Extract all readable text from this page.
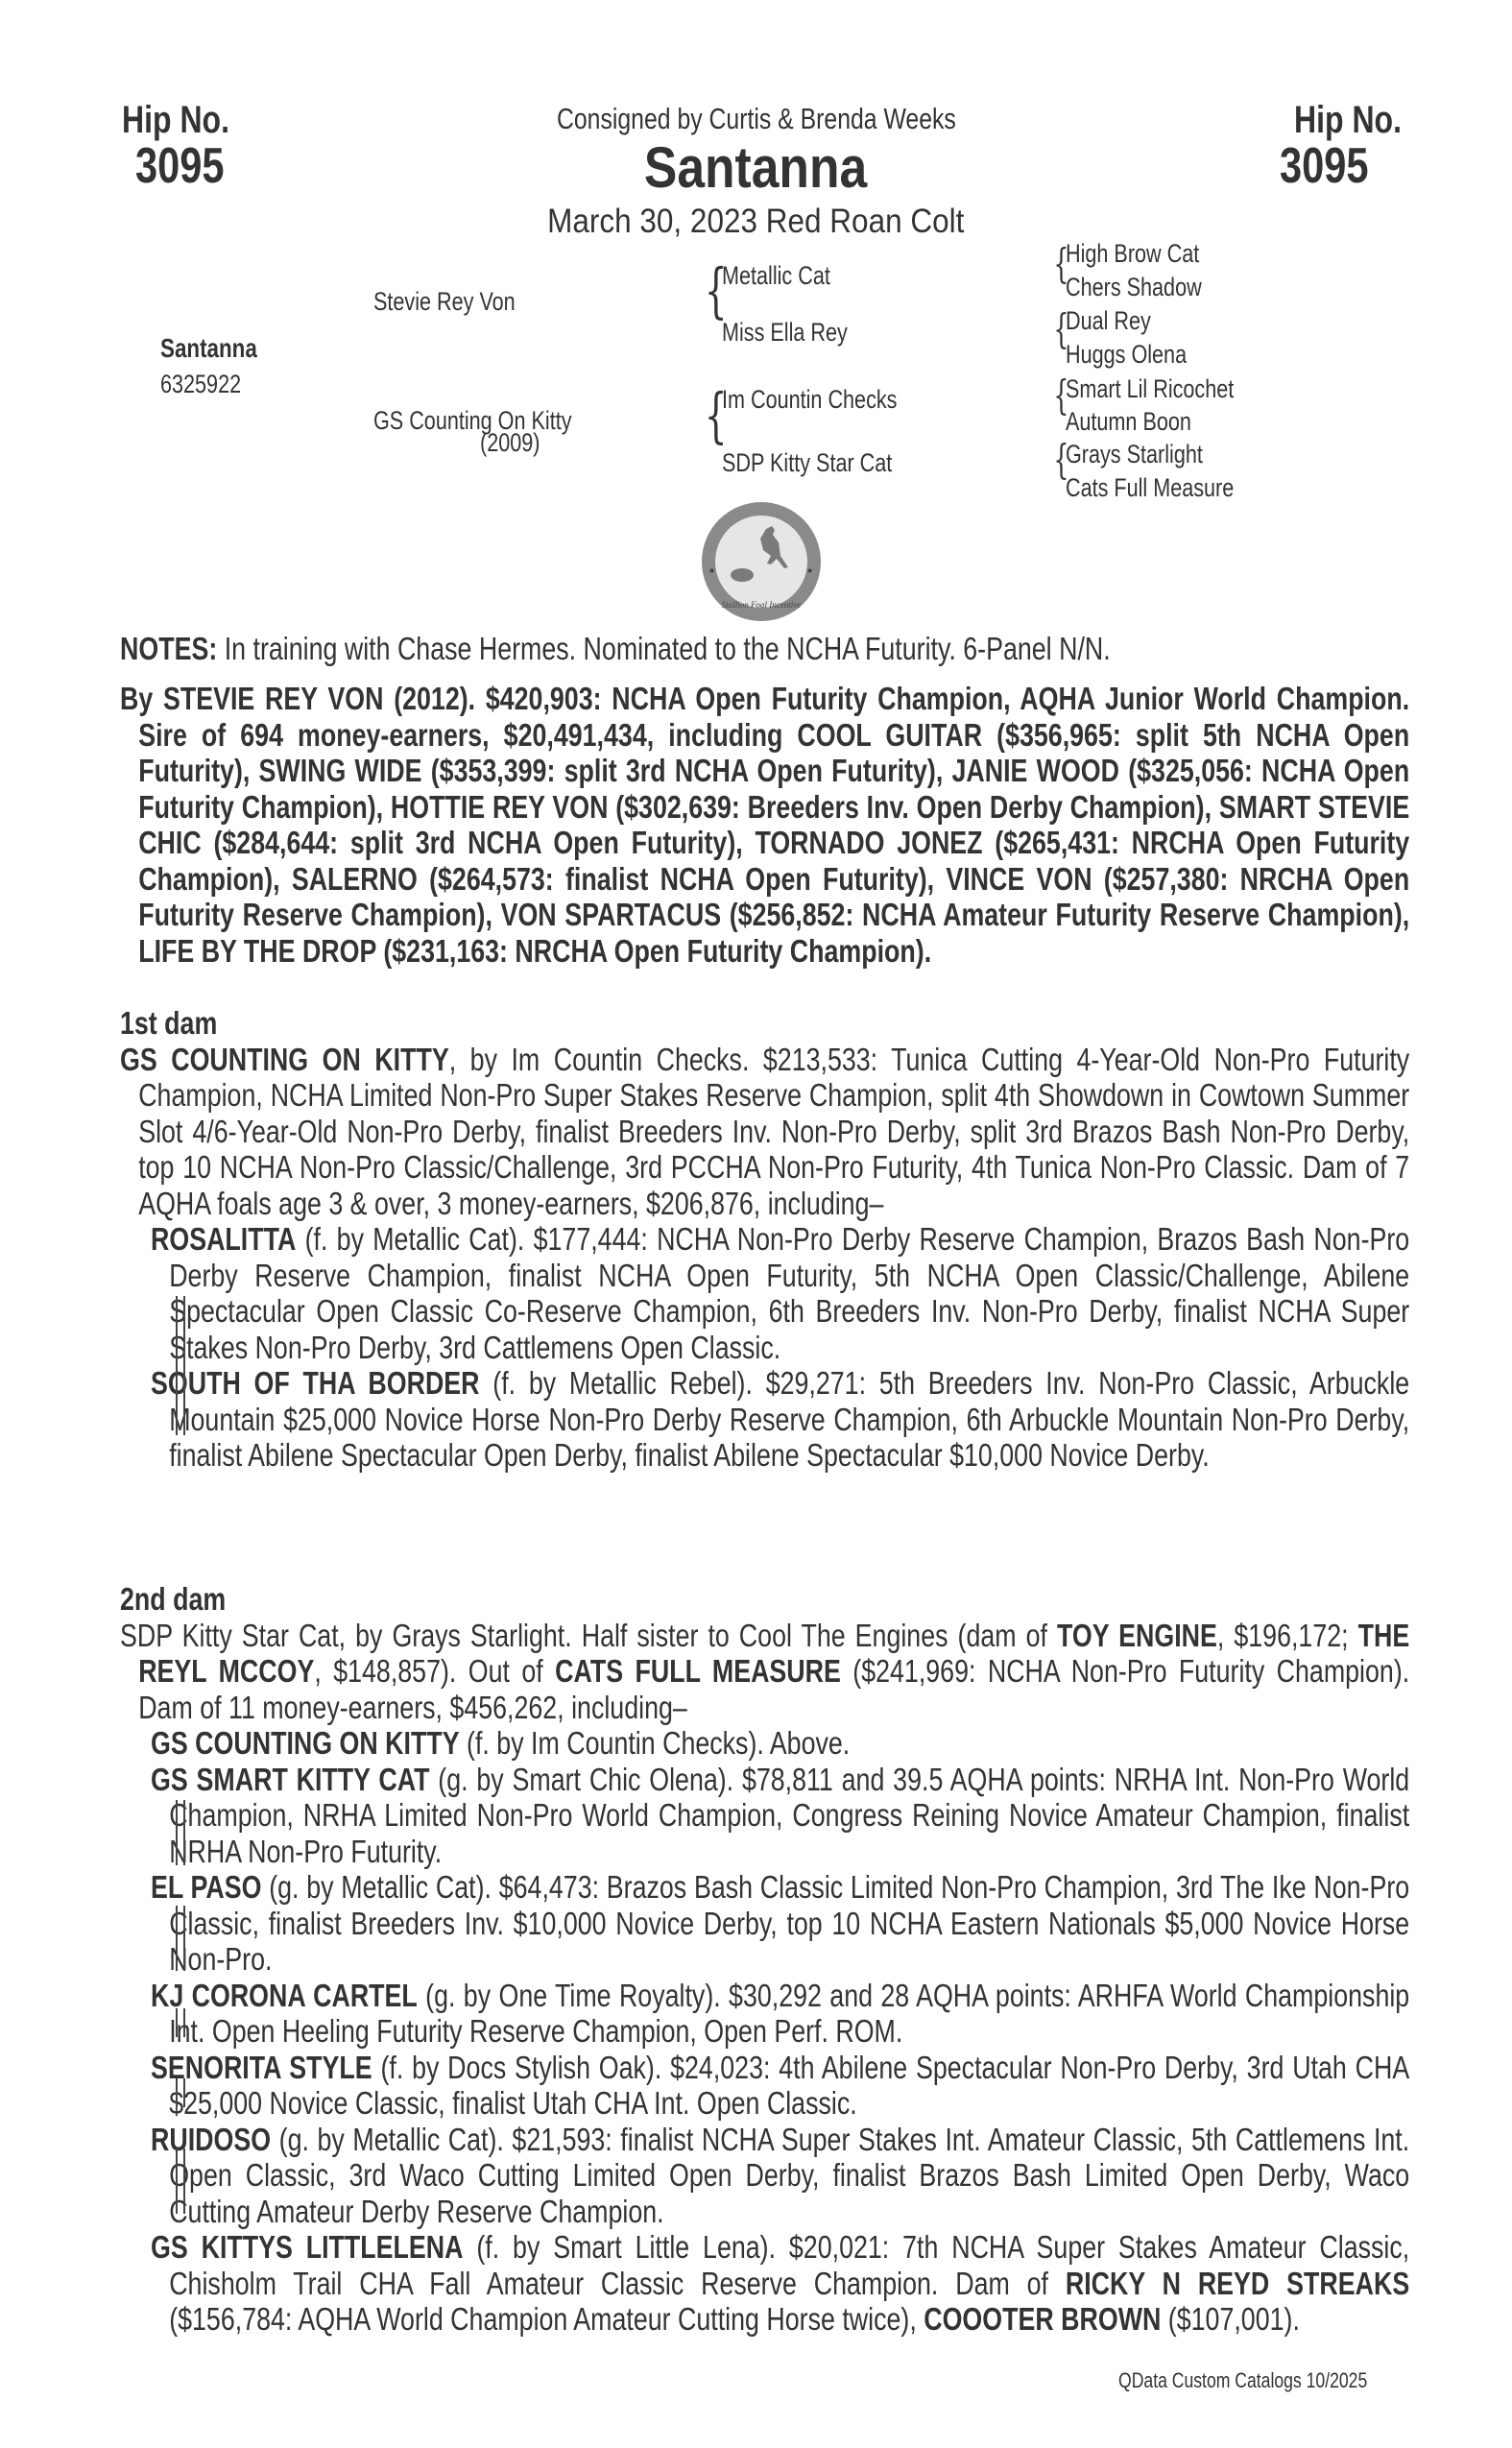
Hip No.
3095
Hip No.
3095
Consigned by Curtis & Brenda Weeks
Santanna
March 30, 2023 Red Roan Colt
Santanna
6325922
Stevie Rey Von
GS Counting On Kitty
(2009)
{
{
Metallic Cat
Miss Ella Rey
Im Countin Checks
SDP Kitty Star Cat
{
{
{
{
High Brow Cat
Chers Shadow
Dual Rey
Huggs Olena
Smart Lil Ricochet
Autumn Boon
Grays Starlight
Cats Full Measure
Stallion Foal Incentive
★	★

NOTES: In training with Chase Hermes. Nominated to the NCHA Futurity. 6-Panel N/N.

By STEVIE REY VON (2012). $420,903: NCHA Open Futurity Champion, AQHA Junior World Champion. Sire of 694 money-earners, $20,491,434, including COOL GUITAR ($356,965: split 5th NCHA Open Futurity), SWING WIDE ($353,399: split 3rd NCHA Open Futurity), JANIE WOOD ($325,056: NCHA Open Futurity Champion), HOTTIE REY VON ($302,639: Breeders Inv. Open Derby Champion), SMART STEVIE CHIC ($284,644: split 3rd NCHA Open Futurity), TORNADO JONEZ ($265,431: NRCHA Open Futurity Champion), SALERNO ($264,573: finalist NCHA Open Futurity), VINCE VON ($257,380: NRCHA Open Futurity Reserve Champion), VON SPARTACUS ($256,852: NCHA Amateur Futurity Reserve Champion), LIFE BY THE DROP ($231,163: NRCHA Open Futurity Champion).

1st dam

GS COUNTING ON KITTY, by Im Countin Checks. $213,533: Tunica Cutting 4-Year-Old Non-Pro Futurity Champion, NCHA Limited Non-Pro Super Stakes Reserve Champion, split 4th Showdown in Cowtown Summer Slot 4/6-Year-Old Non-Pro Derby, finalist Breeders Inv. Non-Pro Derby, split 3rd Brazos Bash Non-Pro Derby, top 10 NCHA Non-Pro Classic/Challenge, 3rd PCCHA Non-Pro Futurity, 4th Tunica Non-Pro Classic. Dam of 7 AQHA foals age 3 & over, 3 money-earners, $206,876, including–

ROSALITTA (f. by Metallic Cat). $177,444: NCHA Non-Pro Derby Reserve Champion, Brazos Bash Non-Pro Derby Reserve Champion, finalist NCHA Open Futurity, 5th NCHA Open Classic/Challenge, Abilene Spectacular Open Classic Co-Reserve Champion, 6th Breeders Inv. Non-Pro Derby, finalist NCHA Super Stakes Non-Pro Derby, 3rd Cattlemens Open Classic.

SOUTH OF THA BORDER (f. by Metallic Rebel). $29,271: 5th Breeders Inv. Non-Pro Classic, Arbuckle Mountain $25,000 Novice Horse Non-Pro Derby Reserve Champion, 6th Arbuckle Mountain Non-Pro Derby, finalist Abilene Spectacular Open Derby, finalist Abilene Spectacular $10,000 Novice Derby.

2nd dam

SDP Kitty Star Cat, by Grays Starlight. Half sister to Cool The Engines (dam of TOY ENGINE, $196,172; THE REYL MCCOY, $148,857). Out of CATS FULL MEASURE ($241,969: NCHA Non-Pro Futurity Champion). Dam of 11 money-earners, $456,262, including–

GS COUNTING ON KITTY (f. by Im Countin Checks). Above.

GS SMART KITTY CAT (g. by Smart Chic Olena). $78,811 and 39.5 AQHA points: NRHA Int. Non-Pro World Champion, NRHA Limited Non-Pro World Champion, Congress Reining Novice Amateur Champion, finalist NRHA Non-Pro Futurity.

EL PASO (g. by Metallic Cat). $64,473: Brazos Bash Classic Limited Non-Pro Champion, 3rd The Ike Non-Pro Classic, finalist Breeders Inv. $10,000 Novice Derby, top 10 NCHA Eastern Nationals $5,000 Novice Horse Non-Pro.

KJ CORONA CARTEL (g. by One Time Royalty). $30,292 and 28 AQHA points: ARHFA World Championship Int. Open Heeling Futurity Reserve Champion, Open Perf. ROM.

SENORITA STYLE (f. by Docs Stylish Oak). $24,023: 4th Abilene Spectacular Non-Pro Derby, 3rd Utah CHA $25,000 Novice Classic, finalist Utah CHA Int. Open Classic.

RUIDOSO (g. by Metallic Cat). $21,593: finalist NCHA Super Stakes Int. Amateur Classic, 5th Cattlemens Int. Open Classic, 3rd Waco Cutting Limited Open Derby, finalist Brazos Bash Limited Open Derby, Waco Cutting Amateur Derby Reserve Champion.

GS KITTYS LITTLELENA (f. by Smart Little Lena). $20,021: 7th NCHA Super Stakes Amateur Classic, Chisholm Trail CHA Fall Amateur Classic Reserve Champion. Dam of RICKY N REYD STREAKS ($156,784: AQHA World Champion Amateur Cutting Horse twice), COOOTER BROWN ($107,001).

QData Custom Catalogs 10/2025
